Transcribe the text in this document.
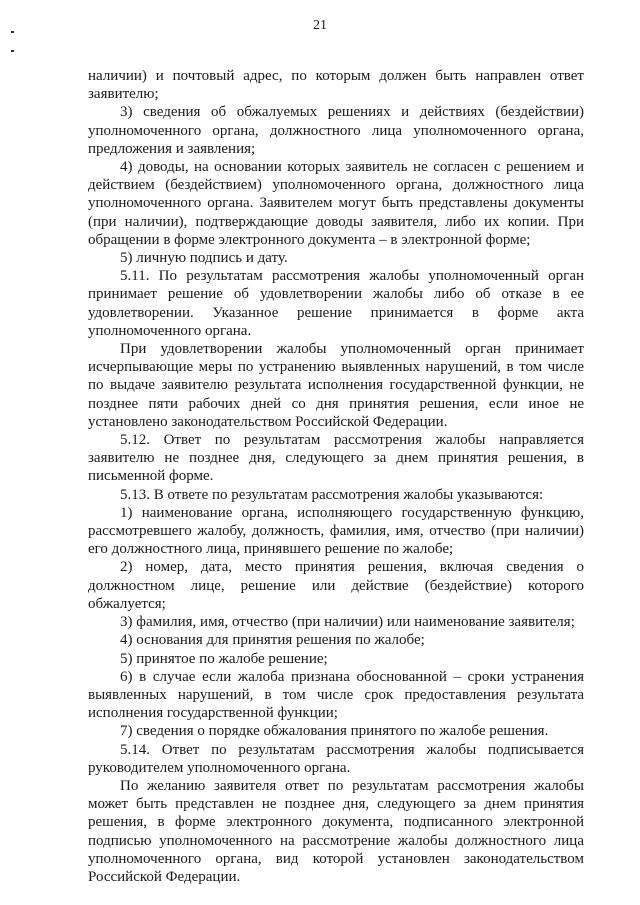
21

наличии) и почтовый адрес, по которым должен быть направлен ответ заявителю;

3) сведения об обжалуемых решениях и действиях (бездействии) уполномоченного органа, должностного лица уполномоченного органа, предложения и заявления;

4) доводы, на основании которых заявитель не согласен с решением и действием (бездействием) уполномоченного органа, должностного лица уполномоченного органа. Заявителем могут быть представлены документы (при наличии), подтверждающие доводы заявителя, либо их копии. При обращении в форме электронного документа – в электронной форме;

5) личную подпись и дату.

5.11. По результатам рассмотрения жалобы уполномоченный орган принимает решение об удовлетворении жалобы либо об отказе в ее удовлетворении. Указанное решение принимается в форме акта уполномоченного органа.

При удовлетворении жалобы уполномоченный орган принимает исчерпывающие меры по устранению выявленных нарушений, в том числе по выдаче заявителю результата исполнения государственной функции, не позднее пяти рабочих дней со дня принятия решения, если иное не установлено законодательством Российской Федерации.

5.12. Ответ по результатам рассмотрения жалобы направляется заявителю не позднее дня, следующего за днем принятия решения, в письменной форме.

5.13. В ответе по результатам рассмотрения жалобы указываются:

1) наименование органа, исполняющего государственную функцию, рассмотревшего жалобу, должность, фамилия, имя, отчество (при наличии) его должностного лица, принявшего решение по жалобе;

2) номер, дата, место принятия решения, включая сведения о должностном лице, решение или действие (бездействие) которого обжалуется;

3) фамилия, имя, отчество (при наличии) или наименование заявителя;

4) основания для принятия решения по жалобе;

5) принятое по жалобе решение;

6) в случае если жалоба признана обоснованной – сроки устранения выявленных нарушений, в том числе срок предоставления результата исполнения государственной функции;

7) сведения о порядке обжалования принятого по жалобе решения.

5.14. Ответ по результатам рассмотрения жалобы подписывается руководителем уполномоченного органа.

По желанию заявителя ответ по результатам рассмотрения жалобы может быть представлен не позднее дня, следующего за днем принятия решения, в форме электронного документа, подписанного электронной подписью уполномоченного на рассмотрение жалобы должностного лица уполномоченного органа, вид которой установлен законодательством Российской Федерации.
